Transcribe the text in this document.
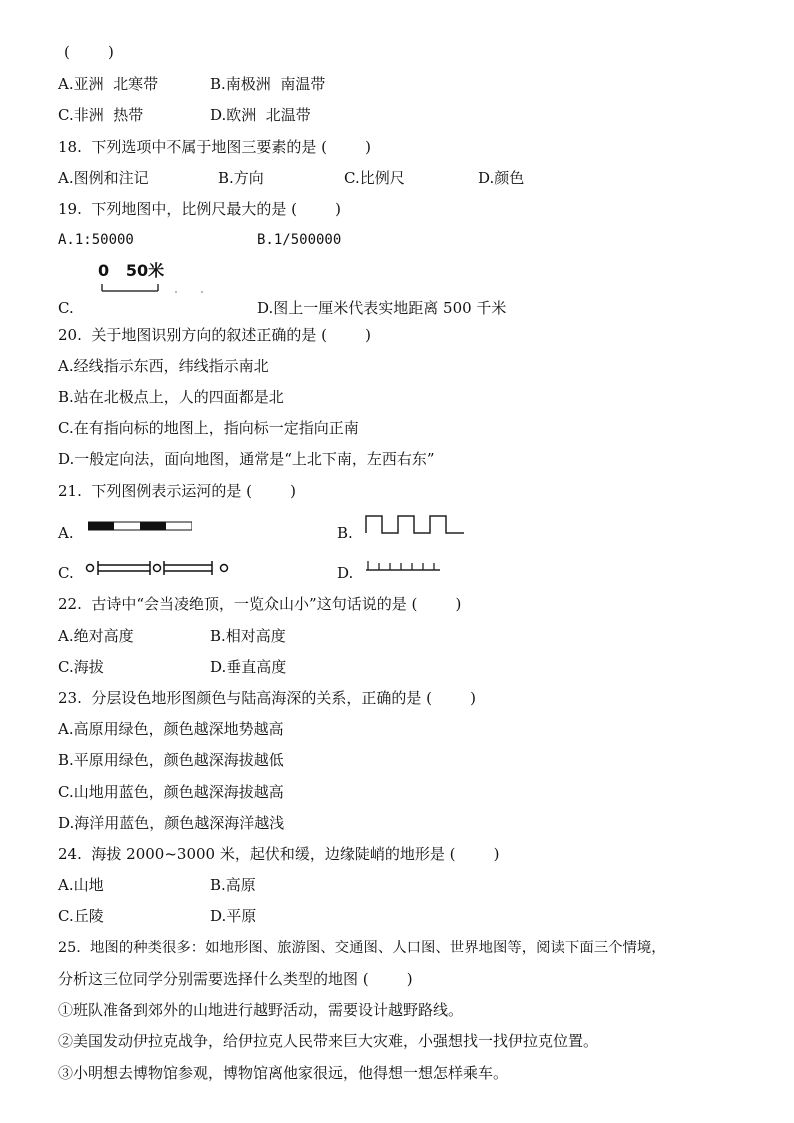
(        )
A.亚洲  北寒带	B.南极洲  南温带
C.非洲  热带	D.欧洲  北温带
18.  下列选项中不属于地图三要素的是 (        )
A.图例和注记	B.方向	C.比例尺	D.颜色
19.  下列地图中，比例尺最大的是 (        )
A.1:50000	B.1/500000
0   50米
C.	D.图上一厘米代表实地距离 500 千米
20.  关于地图识别方向的叙述正确的是 (        )
A.经线指示东西，纬线指示南北
B.站在北极点上，人的四面都是北
C.在有指向标的地图上，指向标一定指向正南
D.一般定向法，面向地图，通常是“上北下南，左西右东”
21.  下列图例表示运河的是 (        )
A.	B.
C.	D.
22.  古诗中“会当凌绝顶，一览众山小”这句话说的是 (        )
A.绝对高度	B.相对高度
C.海拔	D.垂直高度
23.  分层设色地形图颜色与陆高海深的关系，正确的是 (        )
A.高原用绿色，颜色越深地势越高
B.平原用绿色，颜色越深海拔越低
C.山地用蓝色，颜色越深海拔越高
D.海洋用蓝色，颜色越深海洋越浅
24.  海拔 2000~3000 米，起伏和缓，边缘陡峭的地形是 (        )
A.山地	B.高原
C.丘陵	D.平原
25.  地图的种类很多：如地形图、旅游图、交通图、人口图、世界地图等，阅读下面三个情境，
分析这三位同学分别需要选择什么类型的地图 (        )
①班队准备到郊外的山地进行越野活动，需要设计越野路线。
②美国发动伊拉克战争，给伊拉克人民带来巨大灾难，小强想找一找伊拉克位置。
③小明想去博物馆参观，博物馆离他家很远，他得想一想怎样乘车。
